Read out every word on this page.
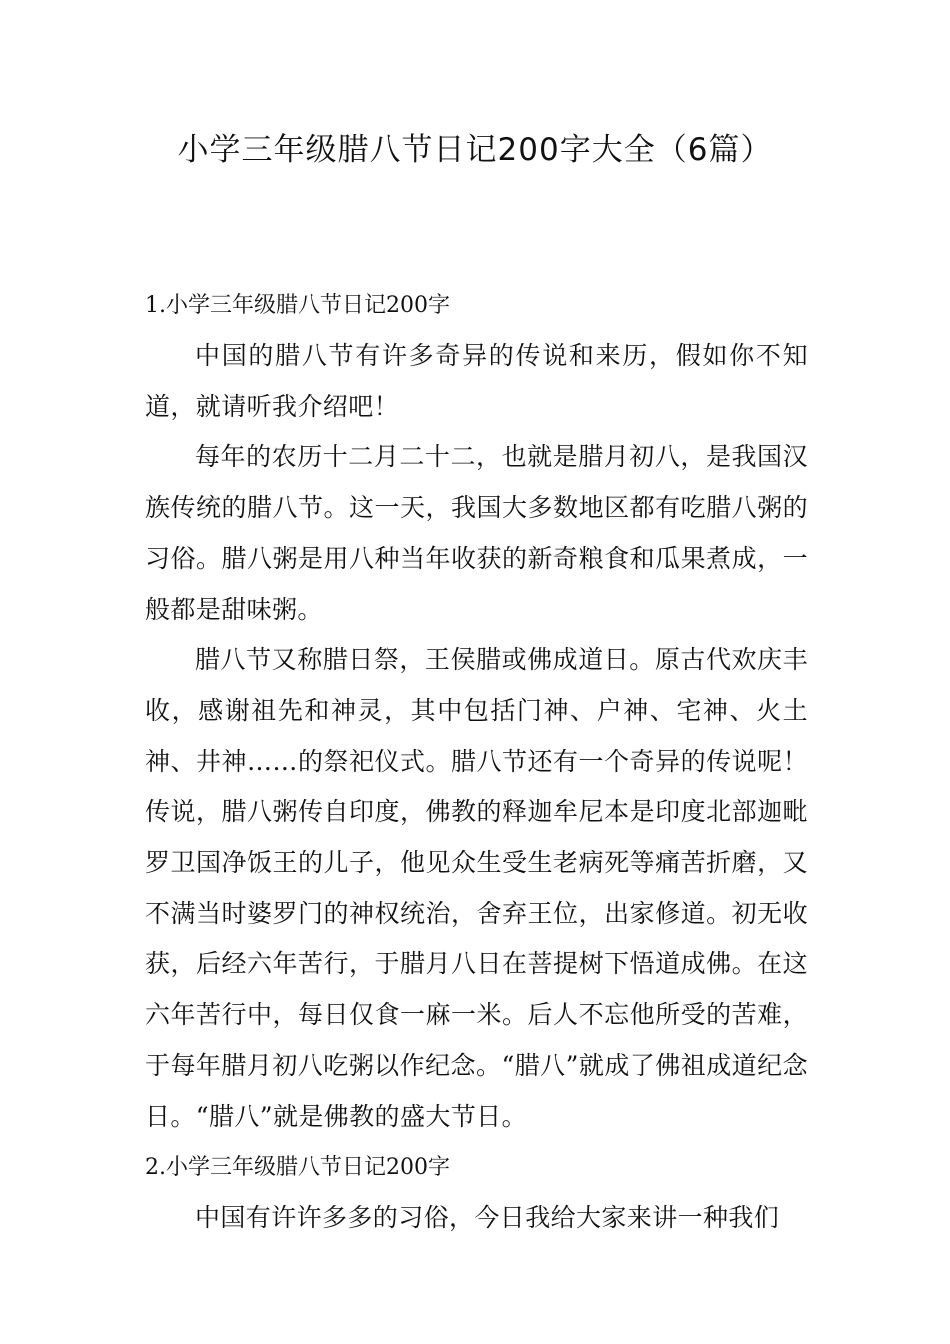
小学三年级腊八节日记200字大全（6篇）
1.小学三年级腊八节日记200字

中国的腊八节有许多奇异的传说和来历，假如你不知道，就请听我介绍吧！

每年的农历十二月二十二，也就是腊月初八，是我国汉族传统的腊八节。这一天，我国大多数地区都有吃腊八粥的习俗。腊八粥是用八种当年收获的新奇粮食和瓜果煮成，一般都是甜味粥。

腊八节又称腊日祭，王侯腊或佛成道日。原古代欢庆丰收，感谢祖先和神灵，其中包括门神、户神、宅神、火土神、井神……的祭祀仪式。腊八节还有一个奇异的传说呢！传说，腊八粥传自印度，佛教的释迦牟尼本是印度北部迦毗罗卫国净饭王的儿子，他见众生受生老病死等痛苦折磨，又不满当时婆罗门的神权统治，舍弃王位，出家修道。初无收获，后经六年苦行，于腊月八日在菩提树下悟道成佛。在这六年苦行中，每日仅食一麻一米。后人不忘他所受的苦难，于每年腊月初八吃粥以作纪念。“腊八”就成了佛祖成道纪念日。“腊八”就是佛教的盛大节日。

2.小学三年级腊八节日记200字

中国有许许多多的习俗，今日我给大家来讲一种我们
